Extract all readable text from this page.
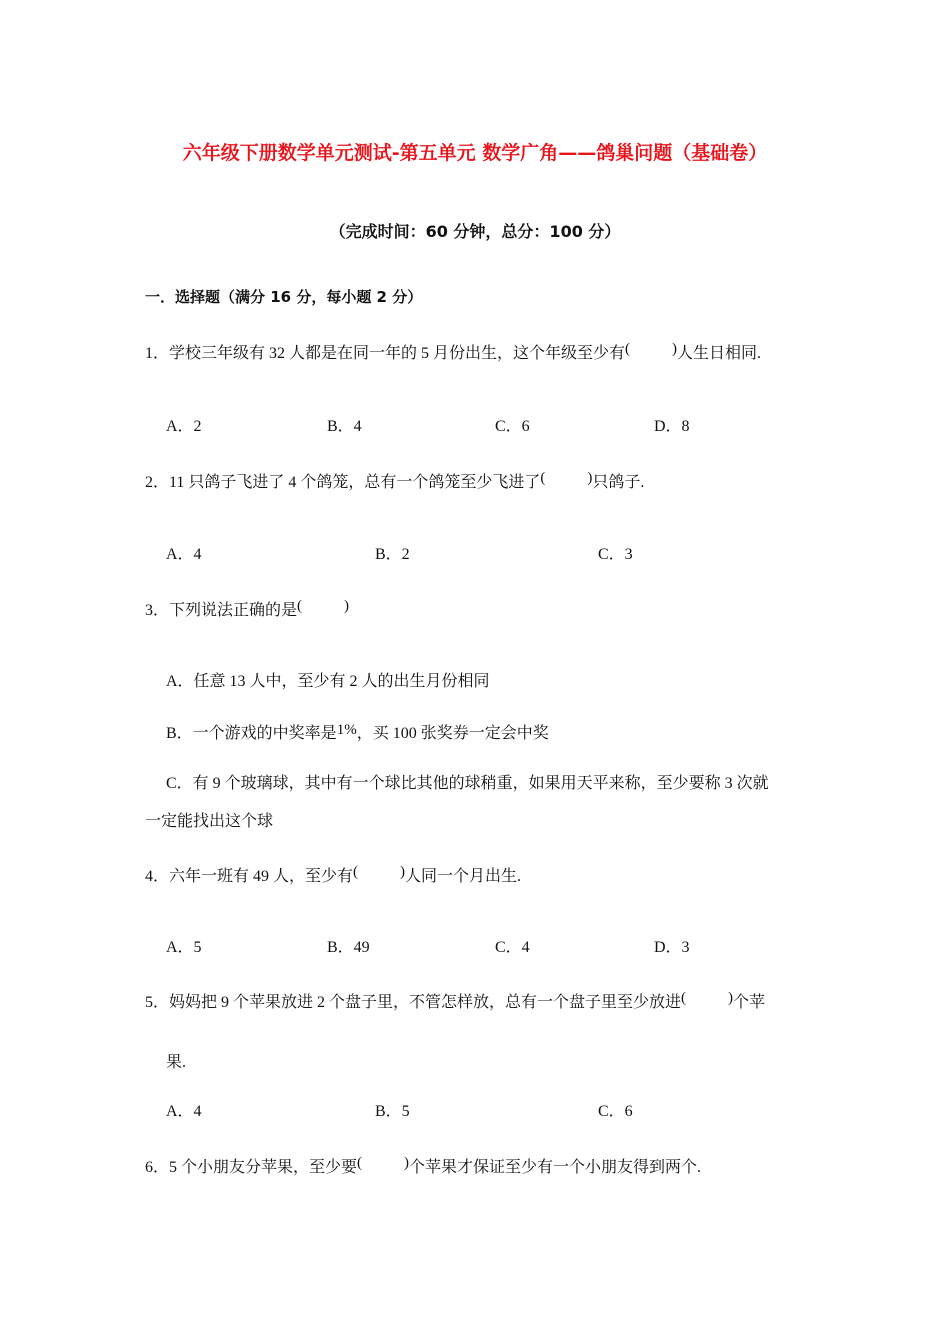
六年级下册数学单元测试-第五单元 数学广角——鸽巢问题（基础卷）
（完成时间：60 分钟，总分：100 分）
一．选择题（满分 16 分，每小题 2 分）
1．学校三年级有 32 人都是在同一年的 5 月份出生，这个年级至少有(	)人生日相同.
A．2	B．4	C．6	D．8
2．11 只鸽子飞进了 4 个鸽笼，总有一个鸽笼至少飞进了(	)只鸽子.
A．4	B．2	C．3
3．下列说法正确的是(	)
A．任意 13 人中，至少有 2 人的出生月份相同
B．一个游戏的中奖率是1%，买 100 张奖券一定会中奖
C．有 9 个玻璃球，其中有一个球比其他的球稍重，如果用天平来称，至少要称 3 次就
一定能找出这个球
4．六年一班有 49 人，至少有(	)人同一个月出生.
A．5	B．49	C．4	D．3
5．妈妈把 9 个苹果放进 2 个盘子里，不管怎样放，总有一个盘子里至少放进(	)个苹
果.
A．4	B．5	C．6
6．5 个小朋友分苹果，至少要(	)个苹果才保证至少有一个小朋友得到两个.
